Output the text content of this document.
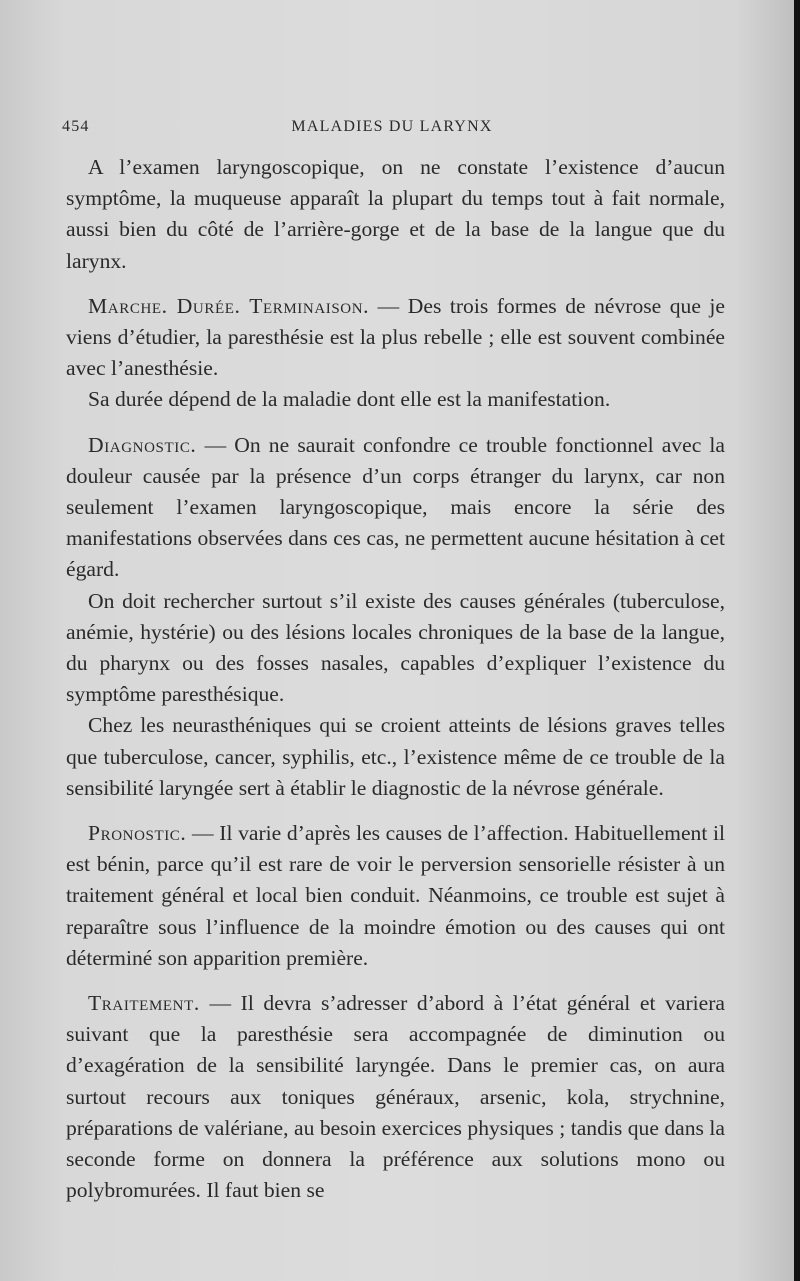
454	MALADIES DU LARYNX

A l’examen laryngoscopique, on ne constate l’existence d’aucun symptôme, la muqueuse apparaît la plupart du temps tout à fait normale, aussi bien du côté de l’arrière-gorge et de la base de la langue que du larynx.

Marche. Durée. Terminaison. — Des trois formes de névrose que je viens d’étudier, la paresthésie est la plus rebelle ; elle est souvent combinée avec l’anesthésie.

Sa durée dépend de la maladie dont elle est la manifestation.

Diagnostic. — On ne saurait confondre ce trouble fonctionnel avec la douleur causée par la présence d’un corps étranger du larynx, car non seulement l’examen laryngoscopique, mais encore la série des manifestations observées dans ces cas, ne permettent aucune hésitation à cet égard.

On doit rechercher surtout s’il existe des causes générales (tuberculose, anémie, hystérie) ou des lésions locales chroniques de la base de la langue, du pharynx ou des fosses nasales, capables d’expliquer l’existence du symptôme paresthésique.

Chez les neurasthéniques qui se croient atteints de lésions graves telles que tuberculose, cancer, syphilis, etc., l’existence même de ce trouble de la sensibilité laryngée sert à établir le diagnostic de la névrose générale.

Pronostic. — Il varie d’après les causes de l’affection. Habituellement il est bénin, parce qu’il est rare de voir le perversion sensorielle résister à un traitement général et local bien conduit. Néanmoins, ce trouble est sujet à reparaître sous l’influence de la moindre émotion ou des causes qui ont déterminé son apparition première.

Traitement. — Il devra s’adresser d’abord à l’état général et variera suivant que la paresthésie sera accompagnée de diminution ou d’exagération de la sensibilité laryngée. Dans le premier cas, on aura surtout recours aux toniques généraux, arsenic, kola, strychnine, préparations de valériane, au besoin exercices physiques ; tandis que dans la seconde forme on donnera la préférence aux solutions mono ou polybromurées. Il faut bien se
